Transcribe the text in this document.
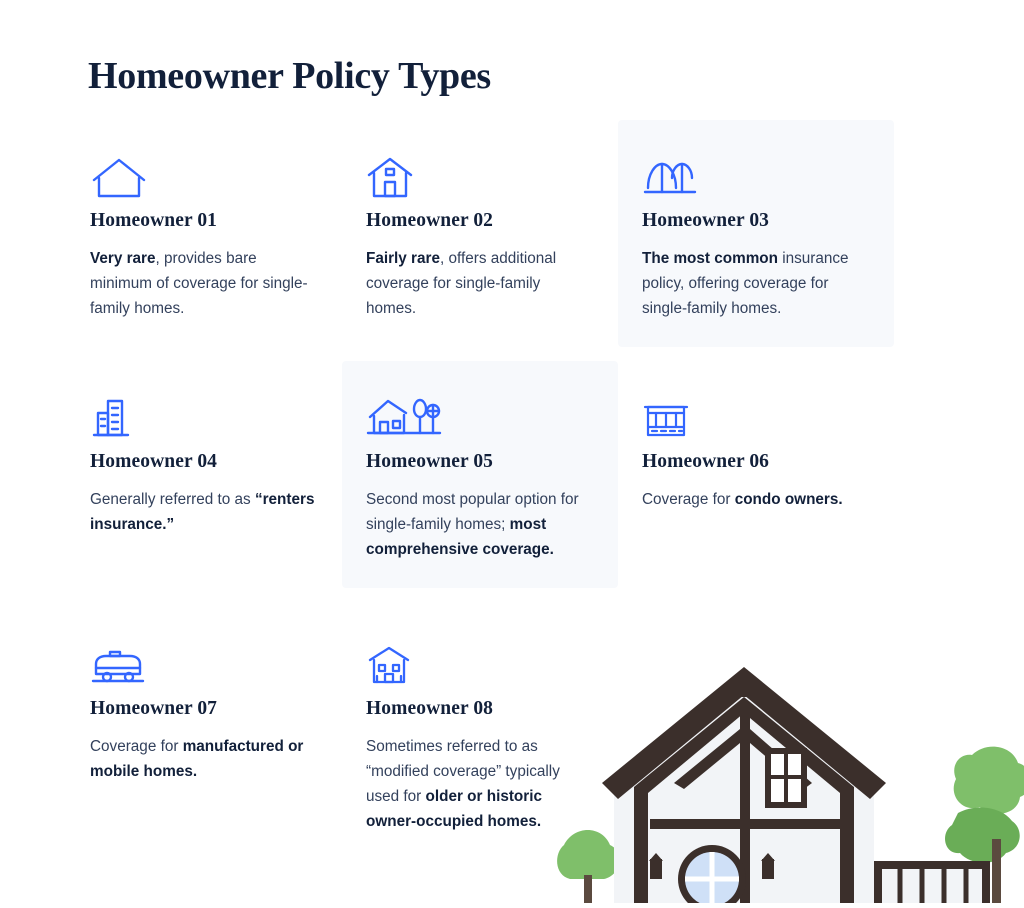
Homeowner Policy Types
Homeowner 01

Very rare, provides bare minimum of coverage for single-family homes.

Homeowner 02

Fairly rare, offers additional coverage for single-family homes.

Homeowner 03

The most common insurance policy, offering coverage for single-family homes.

Homeowner 04

Generally referred to as “renters insurance.”

Homeowner 05

Second most popular option for single-family homes; most comprehensive coverage.

Homeowner 06

Coverage for condo owners.

Homeowner 07

Coverage for manufactured or mobile homes.

Homeowner 08

Sometimes referred to as “modified coverage” typically used for older or historic owner-occupied homes.
